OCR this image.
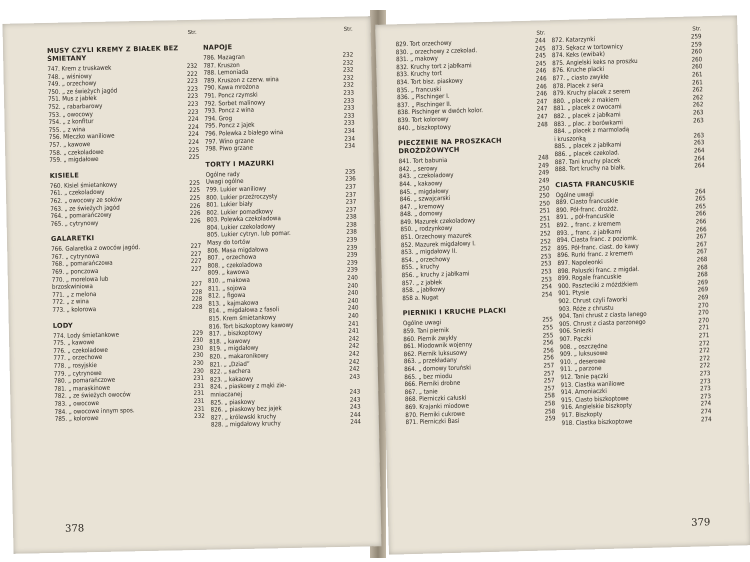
Str.
MUSY CZYLI KREMY Z BIAŁEK BEZ ŚMIETANY
747. Krem z truskawek	232
748. „ wiśniowy	222
749. „ orzechowy	223
750. „ ze świeżych jagód	223
751. Mus z jabłek	223
752. „ rabarbarowy	223
753. „ owocowy	223
754. „ z konfitur	224
755. „ z wina	224
756. Mleczko waniliowe	224
757. „ kawowe	224
758. „ czekoladowe	225
759. „ migdałowe	225
KISIELE
760. Kisiel śmietankowy	225
761. „ czekoladowy	225
762. „ owocowy ze soków	225
763. „ ze świeżych jagód	226
764. „ pomarańczowy	226
765. „ cytrynowy	226
GALARETKI
766. Galaretka z owoców jagód.	227
767. „ cytrynowa	227
768. „ pomarańczowa	227
769. „ ponczowa	227
770. „ morelowa lub
brzoskwiniowa	227
771. „ z melona	228
772. „ z wina	228
773. „ kolorowa	228
LODY
774. Lody śmietankowe	229
775. „ kawowe	230
776. „ czekoladowe	230
777. „ orzechowe	230
778. „ rosyjskie	230
779. „ cytrynowe	230
780. „ pomarańczowe	231
781. „ maraskinowe	231
782. „ ze świeżych owoców	231
783. „ owocowe	231
784. „ owocowe innym spos.	231
785. „ kolorowe	232
Str.
NAPOJE
786. Mazagran	232
787. Kruszon	232
788. Lemoniada	232
789. Kruszon z czerw. wina	232
790. Kawa mrożona	232
791. Poncz rzymski	233
792. Sorbet malinowy	233
793. Poncz z wina	233
794. Grog	233
795. Poncz z jajek	233
796. Polewka z białego wina	234
797. Wino grzane	234
798. Piwo grzane	234
TORTY I MAZURKI
Ogólne rady	235
Uwagi ogólne	236
799. Lukier waniliowy	237
800. Lukier przeźroczysty	237
801. Lukier biały	237
802. Lukier pomadkowy	237
803. Polewka czekoladowa	238
804. Lukier czekoladowy	238
805. Lukier cytryn. lub pomar.	238
Masy do tortów	239
806. Masa migdałowa	239
807. „ orzechowa	239
808. „ czekoladowa	239
809. „ kawowa	239
810. „ makowa	240
811. „ sojowa	240
812. „ figowa	240
813. „ kajmakowa	240
814. „ migdałowa z fasoli	240
815. Krem śmietankowy	240
816. Tort biszkoptowy kawowy	241
817. „ biszkoptowy	241
818. „ kawowy	242
819. „ migdałowy	242
820. „ makaronikowy	242
821. „ „Dziad”	242
822. „ sachera	242
823. „ kakaowy	243
824. „ piaskowy z mąki zie-
mniaczanej	243
825. „ piaskowy	243
826. „ piaskowy bez jajek	243
827. „ królewski kruchy	244
828. „ migdałowy kruchy	244
378
Str.
829. Tort orzechowy	244
830. „ orzechowy z czekolad.	245
831. „ makowy	245
832. Kruchy tort z jabłkami	245
833. Kruchy tort	246
834. Tort bisz. piaskowy	246
835. „ francuski	246
836. „ Pischinger I.	246
837. „ Pischinger II.	247
838. Pischinger w dwóch kolor.	247
839. Tort kolorowy	247
840. „ biszkoptowy	248
PIECZENIE NA PROSZKACH DROŻDŻOWYCH
841. Tort babunia	248
842. „ serowy	249
843. „ czekoladowy	249
844. „ kakaowy	249
845. „ migdałowy	250
846. „ szwajcarski	250
847. „ kremowy	250
848. „ domowy	251
849. Mazurek czekoladowy	251
850. „ rodzynkowy	251
851. Orzechowy mazurek	252
852. Mazurek migdałowy I.	252
853. „ migdałowy II.	252
854. „ orzechowy	253
855. „ kruchy	253
856. „ kruchy z jabłkami	253
857. „ z jabłek	253
858. „ jabłkowy	254
858 a. Nugat	254
PIERNIKI I KRUCHE PLACKI
Ogólne uwagi	255
859. Tani piernik	255
860. Piernik zwykły	255
861. Miodownik wojenny	256
862. Piernik luksusowy	256
863. „ przekładany	256
864. „ domowy toruński	257
865. „ bez miodu	257
866. Pierniki drobne	257
867. „ tanie	257
868. Pierniczki całuski	258
869. Krajanki miodowe	258
870. Pierniki cukrowe	258
871. Pierniczki Basi	259
Str.
872. Katarzynki	259
873. Sękacz w tortownicy	259
874. Keks (ewibak)	260
875. Angielski keks na proszku	260
876. Kruche placki	260
877. „ ciasto zwykłe	261
878. Placek z sera	261
879. Kruchy placek z serem	262
880. „ placek z makiem	262
881. „ placek z owocami	262
882. „ placek z jabłkami	263
883. „ plac. z borówkami	263
884. „ placek z marmoladą
i kruszonką	263
885. „ placek z jabłkami	263
886. „ placek czekolad.	264
887. Tani kruchy placek	264
888. Tort kruchy na białk.	264
CIASTA FRANCUSKIE
Ogólne uwagi	264
889. Ciasto francuskie	265
890. Pół-franc. drożdż.	265
891. „ pół-francuskie	266
892. „ franc. z kremem	266
893. „ franc. z jabłkami	266
894. Ciasta franc. z poziomk.	267
895. Pół-franc. ciast. do kawy	267
896. Rurki franc. z kremem	267
897. Napoleonki	268
898. Paluszki franc. z migdał.	268
899. Rogale francuskie	268
900. Paszteciki z móżdżkiem	269
901. Ptysie	269
902. Chrust czyli faworki	269
903. Róże z chrustu	270
904. Tani chrust z ciasta lanego	270
905. Chrust z ciasta parzonego	270
906. Śniezki	271
907. Pączki	271
908. „ oszczędne	272
909. „ luksusowe	272
910. „ deserowe	272
911. „ parzone	272
912. Tanie pączki	273
913. Ciastka waniliowe	273
914. Amoniaczki	273
915. Ciasto biszkoptowe	273
916. Angielskie biszkopty	274
917. Biszkopty	274
918. Ciastka biszkoptowe	274
379
